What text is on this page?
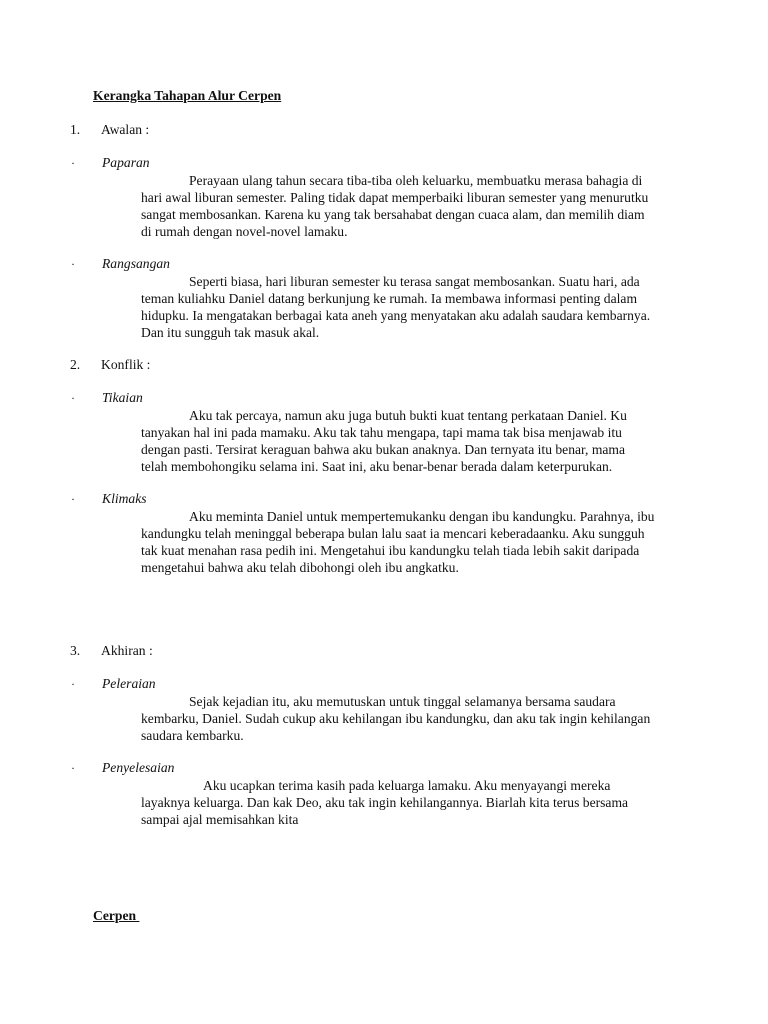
Kerangka Tahapan Alur Cerpen
1. Awalan :
· Paparan
Perayaan ulang tahun secara tiba-tiba oleh keluarku, membuatku merasa bahagia di
hari awal liburan semester. Paling tidak dapat memperbaiki liburan semester yang menurutku
sangat membosankan. Karena ku yang tak bersahabat dengan cuaca alam, dan memilih diam
di rumah dengan novel-novel lamaku.
· Rangsangan
Seperti biasa, hari liburan semester ku terasa sangat membosankan. Suatu hari, ada
teman kuliahku Daniel datang berkunjung ke rumah. Ia membawa informasi penting dalam
hidupku. Ia mengatakan berbagai kata aneh yang menyatakan aku adalah saudara kembarnya.
Dan itu sungguh tak masuk akal.
2. Konflik :
· Tikaian
Aku tak percaya, namun aku juga butuh bukti kuat tentang perkataan Daniel. Ku
tanyakan hal ini pada mamaku. Aku tak tahu mengapa, tapi mama tak bisa menjawab itu
dengan pasti. Tersirat keraguan bahwa aku bukan anaknya. Dan ternyata itu benar, mama
telah membohongiku selama ini. Saat ini, aku benar-benar berada dalam keterpurukan.
· Klimaks
Aku meminta Daniel untuk mempertemukanku dengan ibu kandungku. Parahnya, ibu
kandungku telah meninggal beberapa bulan lalu saat ia mencari keberadaanku. Aku sungguh
tak kuat menahan rasa pedih ini. Mengetahui ibu kandungku telah tiada lebih sakit daripada
mengetahui bahwa aku telah dibohongi oleh ibu angkatku.
3. Akhiran :
· Peleraian
Sejak kejadian itu, aku memutuskan untuk tinggal selamanya bersama saudara
kembarku, Daniel. Sudah cukup aku kehilangan ibu kandungku, dan aku tak ingin kehilangan
saudara kembarku.
· Penyelesaian
Aku ucapkan terima kasih pada keluarga lamaku. Aku menyayangi mereka
layaknya keluarga. Dan kak Deo, aku tak ingin kehilangannya. Biarlah kita terus bersama
sampai ajal memisahkan kita
Cerpen
